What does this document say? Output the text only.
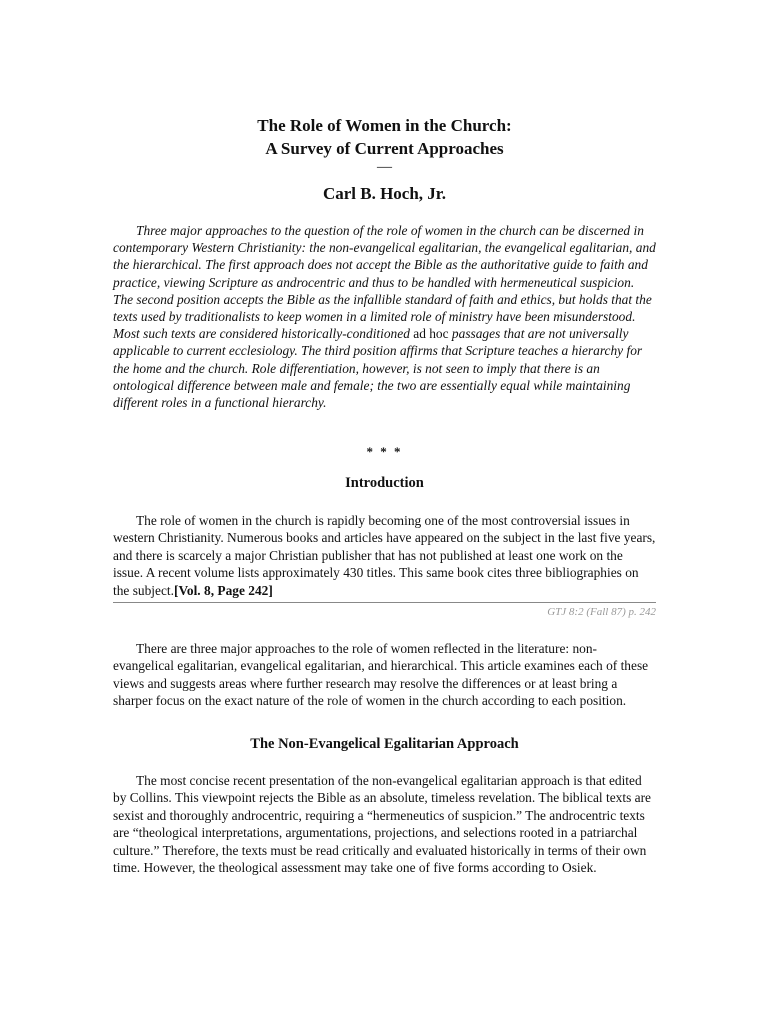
The Role of Women in the Church:
A Survey of Current Approaches
—
Carl B. Hoch, Jr.

Three major approaches to the question of the role of women in the church can be discerned in contemporary Western Christianity: the non-evangelical egalitarian, the evangelical egalitarian, and the hierarchical. The first approach does not accept the Bible as the authoritative guide to faith and practice, viewing Scripture as androcentric and thus to be handled with hermeneutical suspicion. The second position accepts the Bible as the infallible standard of faith and ethics, but holds that the texts used by traditionalists to keep women in a limited role of ministry have been misunderstood. Most such texts are considered historically-conditioned ad hoc passages that are not universally applicable to current ecclesiology. The third position affirms that Scripture teaches a hierarchy for the home and the church. Role differentiation, however, is not seen to imply that there is an ontological difference between male and female; the two are essentially equal while maintaining different roles in a functional hierarchy.

* * *
Introduction

The role of women in the church is rapidly becoming one of the most controversial issues in western Christianity. Numerous books and articles have appeared on the subject in the last five years, and there is scarcely a major Christian publisher that has not published at least one work on the issue. A recent volume lists approximately 430 titles. This same book cites three bibliographies on the subject.[Vol. 8, Page 242]

GTJ 8:2 (Fall 87) p. 242

There are three major approaches to the role of women reflected in the literature: non-evangelical egalitarian, evangelical egalitarian, and hierarchical. This article examines each of these views and suggests areas where further research may resolve the differences or at least bring a sharper focus on the exact nature of the role of women in the church according to each position.

The Non-Evangelical Egalitarian Approach

The most concise recent presentation of the non-evangelical egalitarian approach is that edited by Collins. This viewpoint rejects the Bible as an absolute, timeless revelation. The biblical texts are sexist and thoroughly androcentric, requiring a “hermeneutics of suspicion.” The androcentric texts are “theological interpretations, argumentations, projections, and selections rooted in a patriarchal culture.” Therefore, the texts must be read critically and evaluated historically in terms of their own time. However, the theological assessment may take one of five forms according to Osiek.
